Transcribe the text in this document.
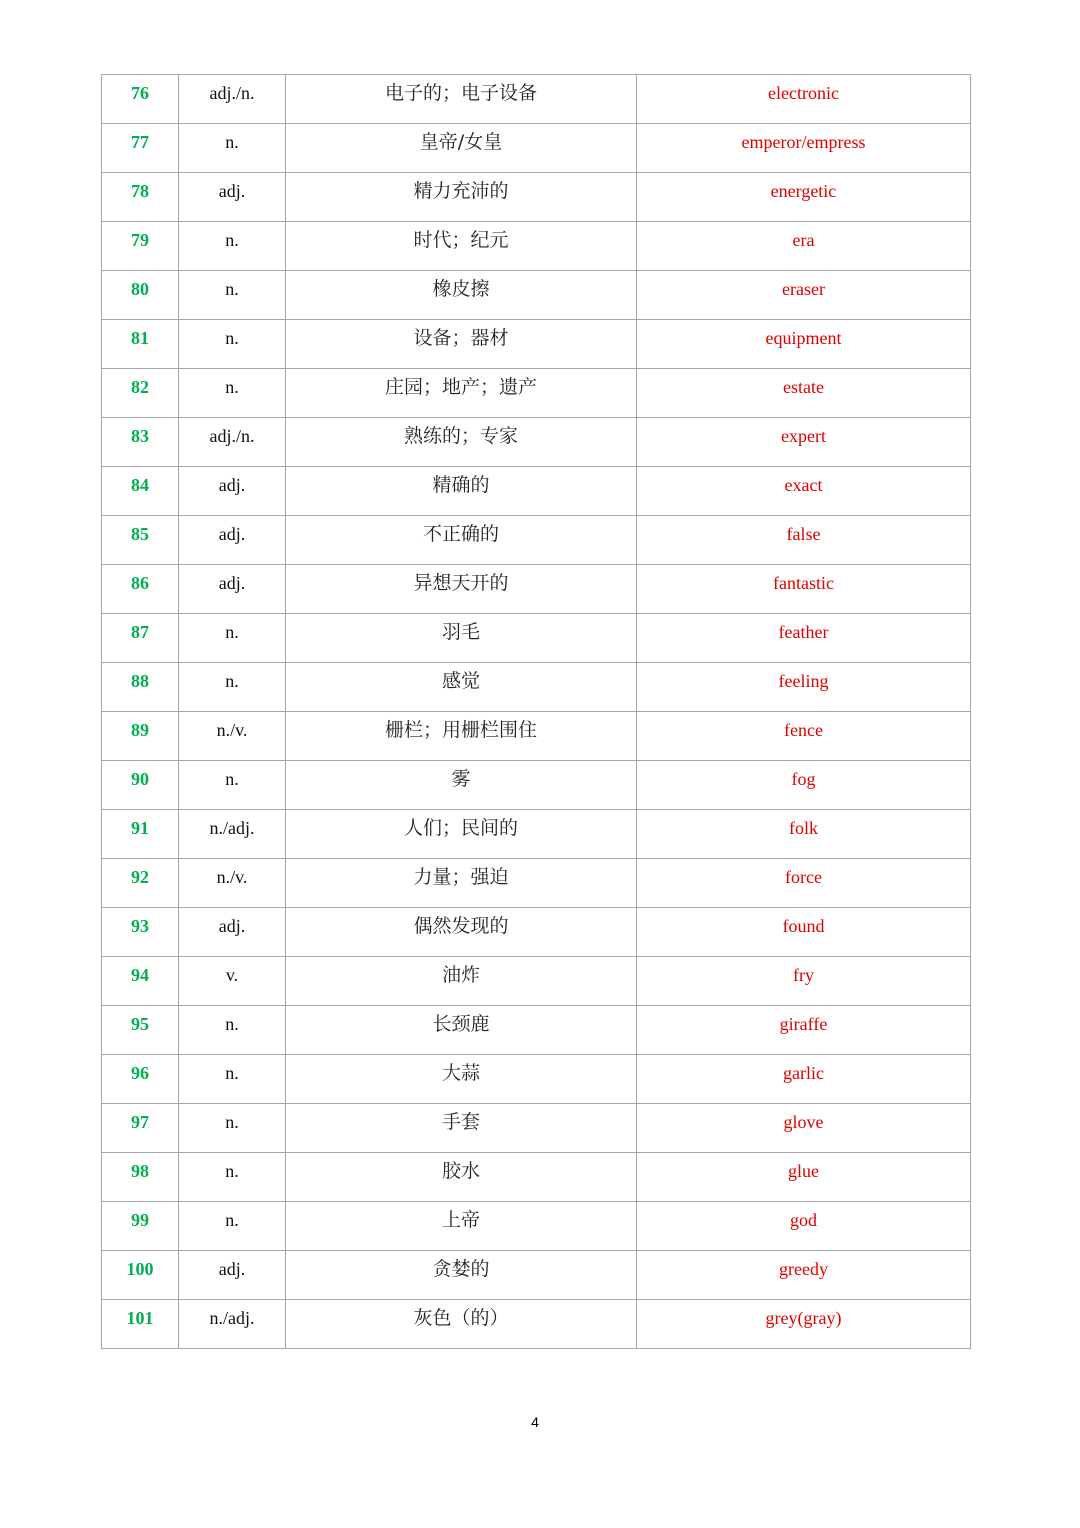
76	adj./n.	电子的；电子设备	electronic
77	n.	皇帝/女皇	emperor/empress
78	adj.	精力充沛的	energetic
79	n.	时代；纪元	era
80	n.	橡皮擦	eraser
81	n.	设备；器材	equipment
82	n.	庄园；地产；遗产	estate
83	adj./n.	熟练的；专家	expert
84	adj.	精确的	exact
85	adj.	不正确的	false
86	adj.	异想天开的	fantastic
87	n.	羽毛	feather
88	n.	感觉	feeling
89	n./v.	栅栏；用栅栏围住	fence
90	n.	雾	fog
91	n./adj.	人们；民间的	folk
92	n./v.	力量；强迫	force
93	adj.	偶然发现的	found
94	v.	油炸	fry
95	n.	长颈鹿	giraffe
96	n.	大蒜	garlic
97	n.	手套	glove
98	n.	胶水	glue
99	n.	上帝	god
100	adj.	贪婪的	greedy
101	n./adj.	灰色（的）	grey(gray)
4
